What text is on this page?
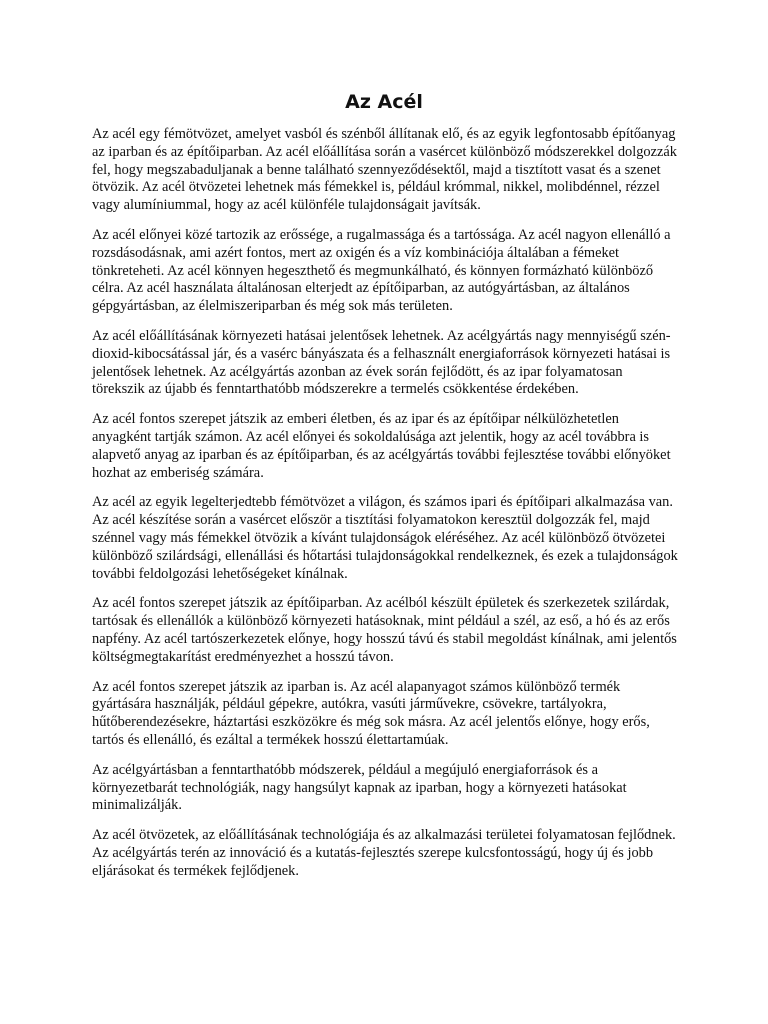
Az Acél

Az acél egy fémötvözet, amelyet vasból és szénből állítanak elő, és az egyik legfontosabb építőanyag az iparban és az építőiparban. Az acél előállítása során a vasércet különböző módszerekkel dolgozzák fel, hogy megszabaduljanak a benne található szennyeződésektől, majd a tisztított vasat és a szenet ötvözik. Az acél ötvözetei lehetnek más fémekkel is, például krómmal, nikkel, molibdénnel, rézzel vagy alumíniummal, hogy az acél különféle tulajdonságait javítsák.

Az acél előnyei közé tartozik az erőssége, a rugalmassága és a tartóssága. Az acél nagyon ellenálló a rozsdásodásnak, ami azért fontos, mert az oxigén és a víz kombinációja általában a fémeket tönkreteheti. Az acél könnyen hegeszthető és megmunkálható, és könnyen formázható különböző célra. Az acél használata általánosan elterjedt az építőiparban, az autógyártásban, az általános gépgyártásban, az élelmiszeriparban és még sok más területen.

Az acél előállításának környezeti hatásai jelentősek lehetnek. Az acélgyártás nagy mennyiségű szén-dioxid-kibocsátással jár, és a vasérc bányászata és a felhasznált energiaforrások környezeti hatásai is jelentősek lehetnek. Az acélgyártás azonban az évek során fejlődött, és az ipar folyamatosan törekszik az újabb és fenntarthatóbb módszerekre a termelés csökkentése érdekében.

Az acél fontos szerepet játszik az emberi életben, és az ipar és az építőipar nélkülözhetetlen anyagként tartják számon. Az acél előnyei és sokoldalúsága azt jelentik, hogy az acél továbbra is alapvető anyag az iparban és az építőiparban, és az acélgyártás további fejlesztése további előnyöket hozhat az emberiség számára.

Az acél az egyik legelterjedtebb fémötvözet a világon, és számos ipari és építőipari alkalmazása van. Az acél készítése során a vasércet először a tisztítási folyamatokon keresztül dolgozzák fel, majd szénnel vagy más fémekkel ötvözik a kívánt tulajdonságok eléréséhez. Az acél különböző ötvözetei különböző szilárdsági, ellenállási és hőtartási tulajdonságokkal rendelkeznek, és ezek a tulajdonságok további feldolgozási lehetőségeket kínálnak.

Az acél fontos szerepet játszik az építőiparban. Az acélból készült épületek és szerkezetek szilárdak, tartósak és ellenállók a különböző környezeti hatásoknak, mint például a szél, az eső, a hó és az erős napfény. Az acél tartószerkezetek előnye, hogy hosszú távú és stabil megoldást kínálnak, ami jelentős költségmegtakarítást eredményezhet a hosszú távon.

Az acél fontos szerepet játszik az iparban is. Az acél alapanyagot számos különböző termék gyártására használják, például gépekre, autókra, vasúti járművekre, csövekre, tartályokra, hűtőberendezésekre, háztartási eszközökre és még sok másra. Az acél jelentős előnye, hogy erős, tartós és ellenálló, és ezáltal a termékek hosszú élettartamúak.

Az acélgyártásban a fenntarthatóbb módszerek, például a megújuló energiaforrások és a környezetbarát technológiák, nagy hangsúlyt kapnak az iparban, hogy a környezeti hatásokat minimalizálják.

Az acél ötvözetek, az előállításának technológiája és az alkalmazási területei folyamatosan fejlődnek. Az acélgyártás terén az innováció és a kutatás-fejlesztés szerepe kulcsfontosságú, hogy új és jobb eljárásokat és termékek fejlődjenek.
